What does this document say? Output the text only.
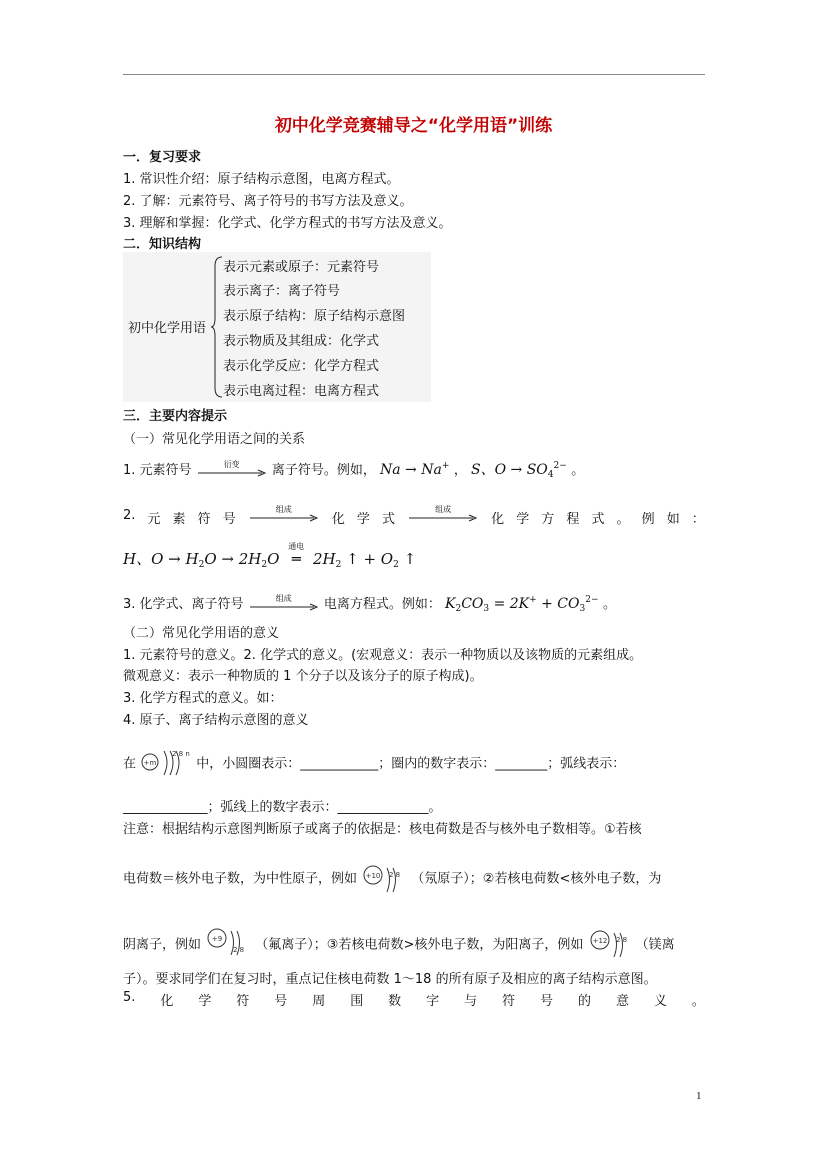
初中化学竞赛辅导之“化学用语”训练
一．复习要求
1. 常识性介绍：原子结构示意图，电离方程式。
2. 了解：元素符号、离子符号的书写方法及意义。
3. 理解和掌握：化学式、化学方程式的书写方法及意义。
二．知识结构
初中化学用语
表示元素或原子：元素符号
表示离子：离子符号
表示原子结构：原子结构示意图
表示物质及其组成：化学式
表示化学反应：化学方程式
表示电离过程：电离方程式
三．主要内容提示
（一）常见化学用语之间的关系
1. 元素符号	衍变	离子符号。例如， Na → Na+ ， S、$O \to SO_4^{2-}$ 。
2. 元 素 符 号
组成
化 学 式
组成
化 学 方 程 式 。 例 如 ：
H、$O \to H_2O \to 2H_2O$
通电
═ $2H_2$ ↑ + $O_2$ ↑
3. 化学式、离子符号	组成	电离方程式。例如： $K_2CO_3 = 2K^+ + CO_3^{2-}$ 。
（二）常见化学用语的意义
1. 元素符号的意义。2. 化学式的意义。(宏观意义：表示一种物质以及该物质的元素组成。
微观意义：表示一种物质的 1 个分子以及该分子的原子构成)。
3. 化学方程式的意义。如：
4. 原子、离子结构示意图的意义
在 +m
2 8 n
中，小圆圈表示：____________；圈内的数字表示：________；弧线表示：
_____________；弧线上的数字表示：______________。
注意：根据结构示意图判断原子或离子的依据是：核电荷数是否与核外电子数相等。①若核
电荷数＝核外电子数，为中性原子，例如 +10 2 8 （氖原子）；②若核电荷数<核外电子数，为
阴离子，例如 +9
2 8 （氟离子）；③若核电荷数>核外电子数，为阳离子，例如 +12 2 8 （镁离
子）。要求同学们在复习时，重点记住核电荷数 1～18 的所有原子及相应的离子结构示意图。
5. 化 学 符 号 周 围 数 字 与 符 号 的 意 义 。
1
